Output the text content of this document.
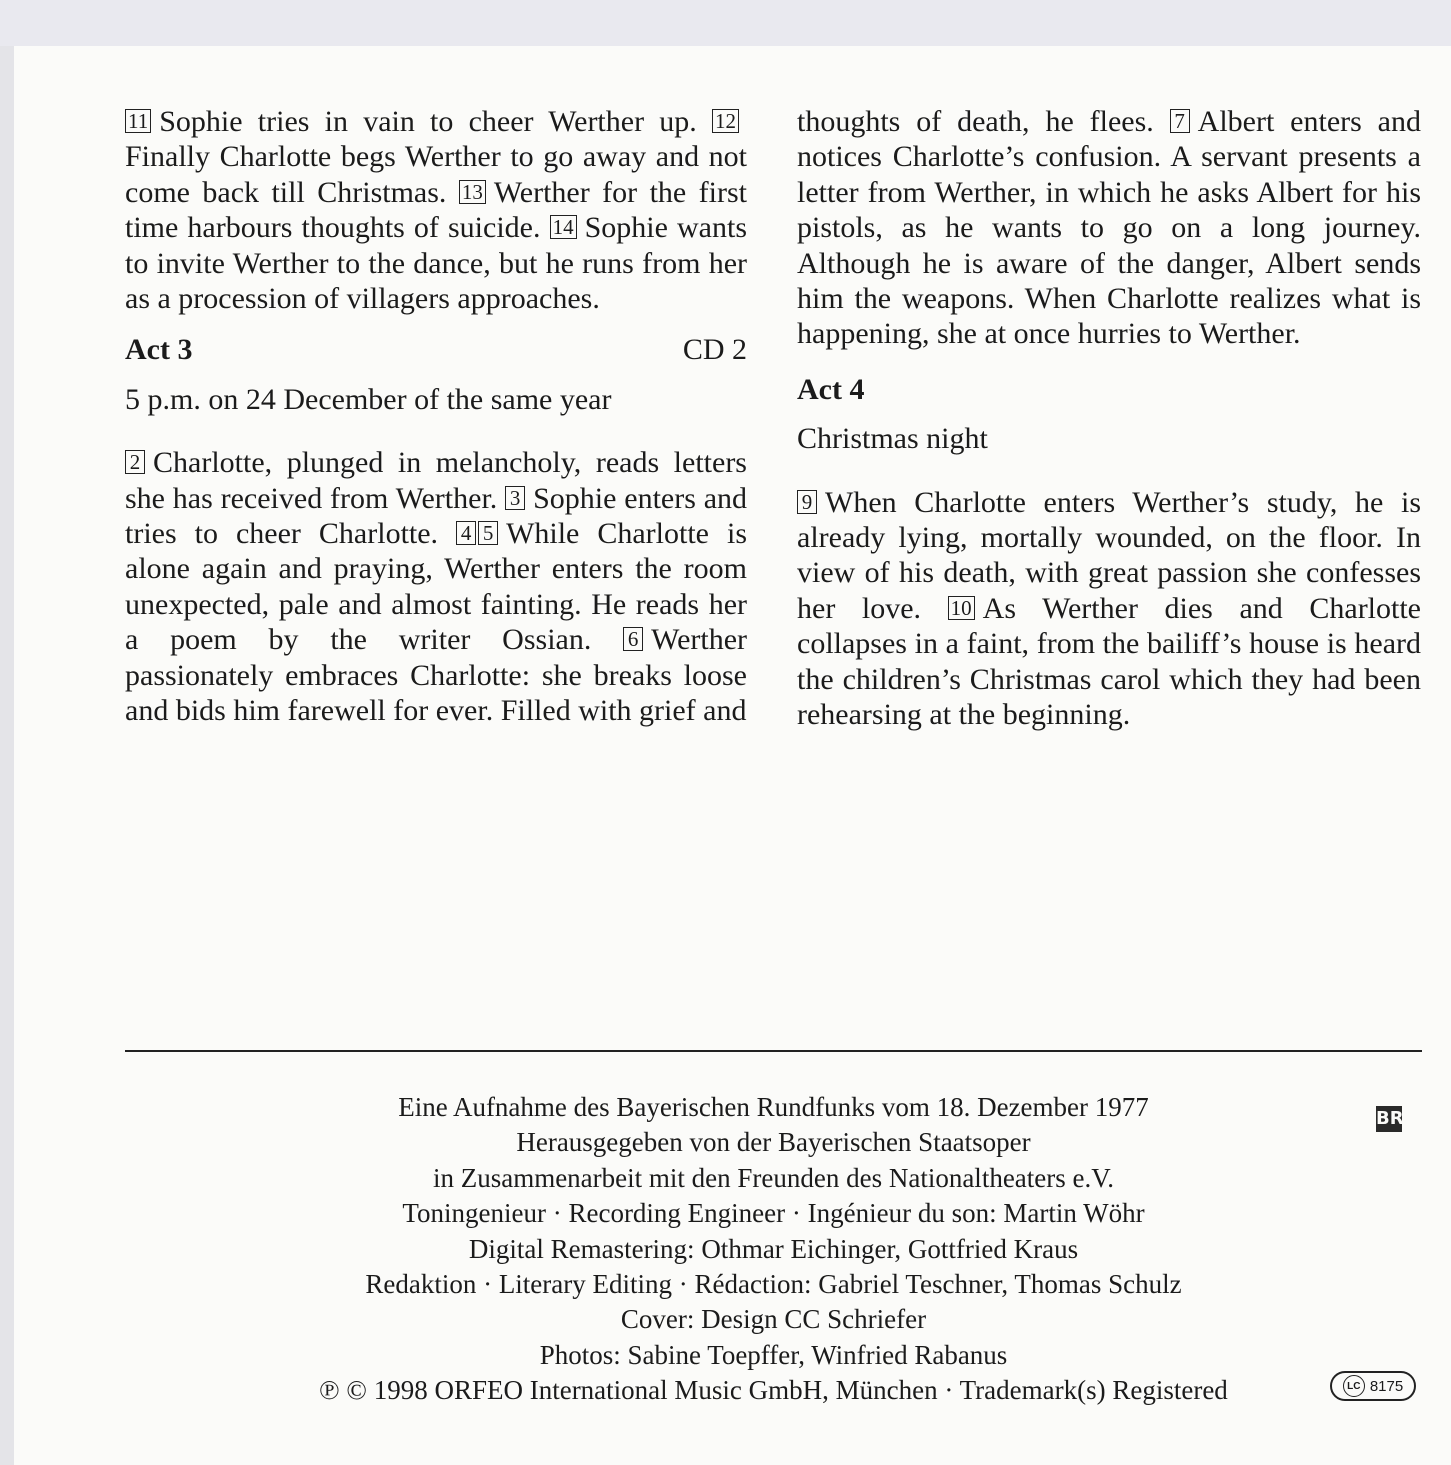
11 Sophie tries in vain to cheer Werther up. 12Finally Charlotte begs Werther to go away and not come back till Christmas. 13 Werther for the first time harbours thoughts of suicide. 14 Sophie wants to invite Werther to the dance, but he runs from her as a procession of villagers approaches.

Act 3	CD 2

5 p.m. on 24 December of the same year

2 Charlotte, plunged in melancholy, reads letters she has received from Werther. 3 Sophie enters and tries to cheer Charlotte. 4 5 While Charlotte is alone again and praying, Werther enters the room unexpected, pale and almost fainting. He reads her a poem by the writer Ossian. 6 Werther passionately embraces Charlotte: she breaks loose and bids him farewell for ever. Filled with grief and

thoughts of death, he flees. 7 Albert enters and notices Charlotte’s confusion. A servant presents a letter from Werther, in which he asks Albert for his pistols, as he wants to go on a long journey. Although he is aware of the danger, Albert sends him the weapons. When Charlotte realizes what is happening, she at once hurries to Werther.

Act 4

Christmas night

9 When Charlotte enters Werther’s study, he is already lying, mortally wounded, on the floor. In view of his death, with great passion she confesses her love. 10 As Werther dies and Charlotte collapses in a faint, from the bailiff’s house is heard the children’s Christmas carol which they had been rehearsing at the beginning.

Eine Aufnahme des Bayerischen Rundfunks vom 18. Dezember 1977
Herausgegeben von der Bayerischen Staatsoper
in Zusammenarbeit mit den Freunden des Nationaltheaters e.V.
Toningenieur · Recording Engineer · Ingénieur du son: Martin Wöhr
Digital Remastering: Othmar Eichinger, Gottfried Kraus
Redaktion · Literary Editing · Rédaction: Gabriel Teschner, Thomas Schulz
Cover: Design CC Schriefer
Photos: Sabine Toepffer, Winfried Rabanus
℗ © 1998 ORFEO International Music GmbH, München · Trademark(s) Registered
BR
LC 8175
